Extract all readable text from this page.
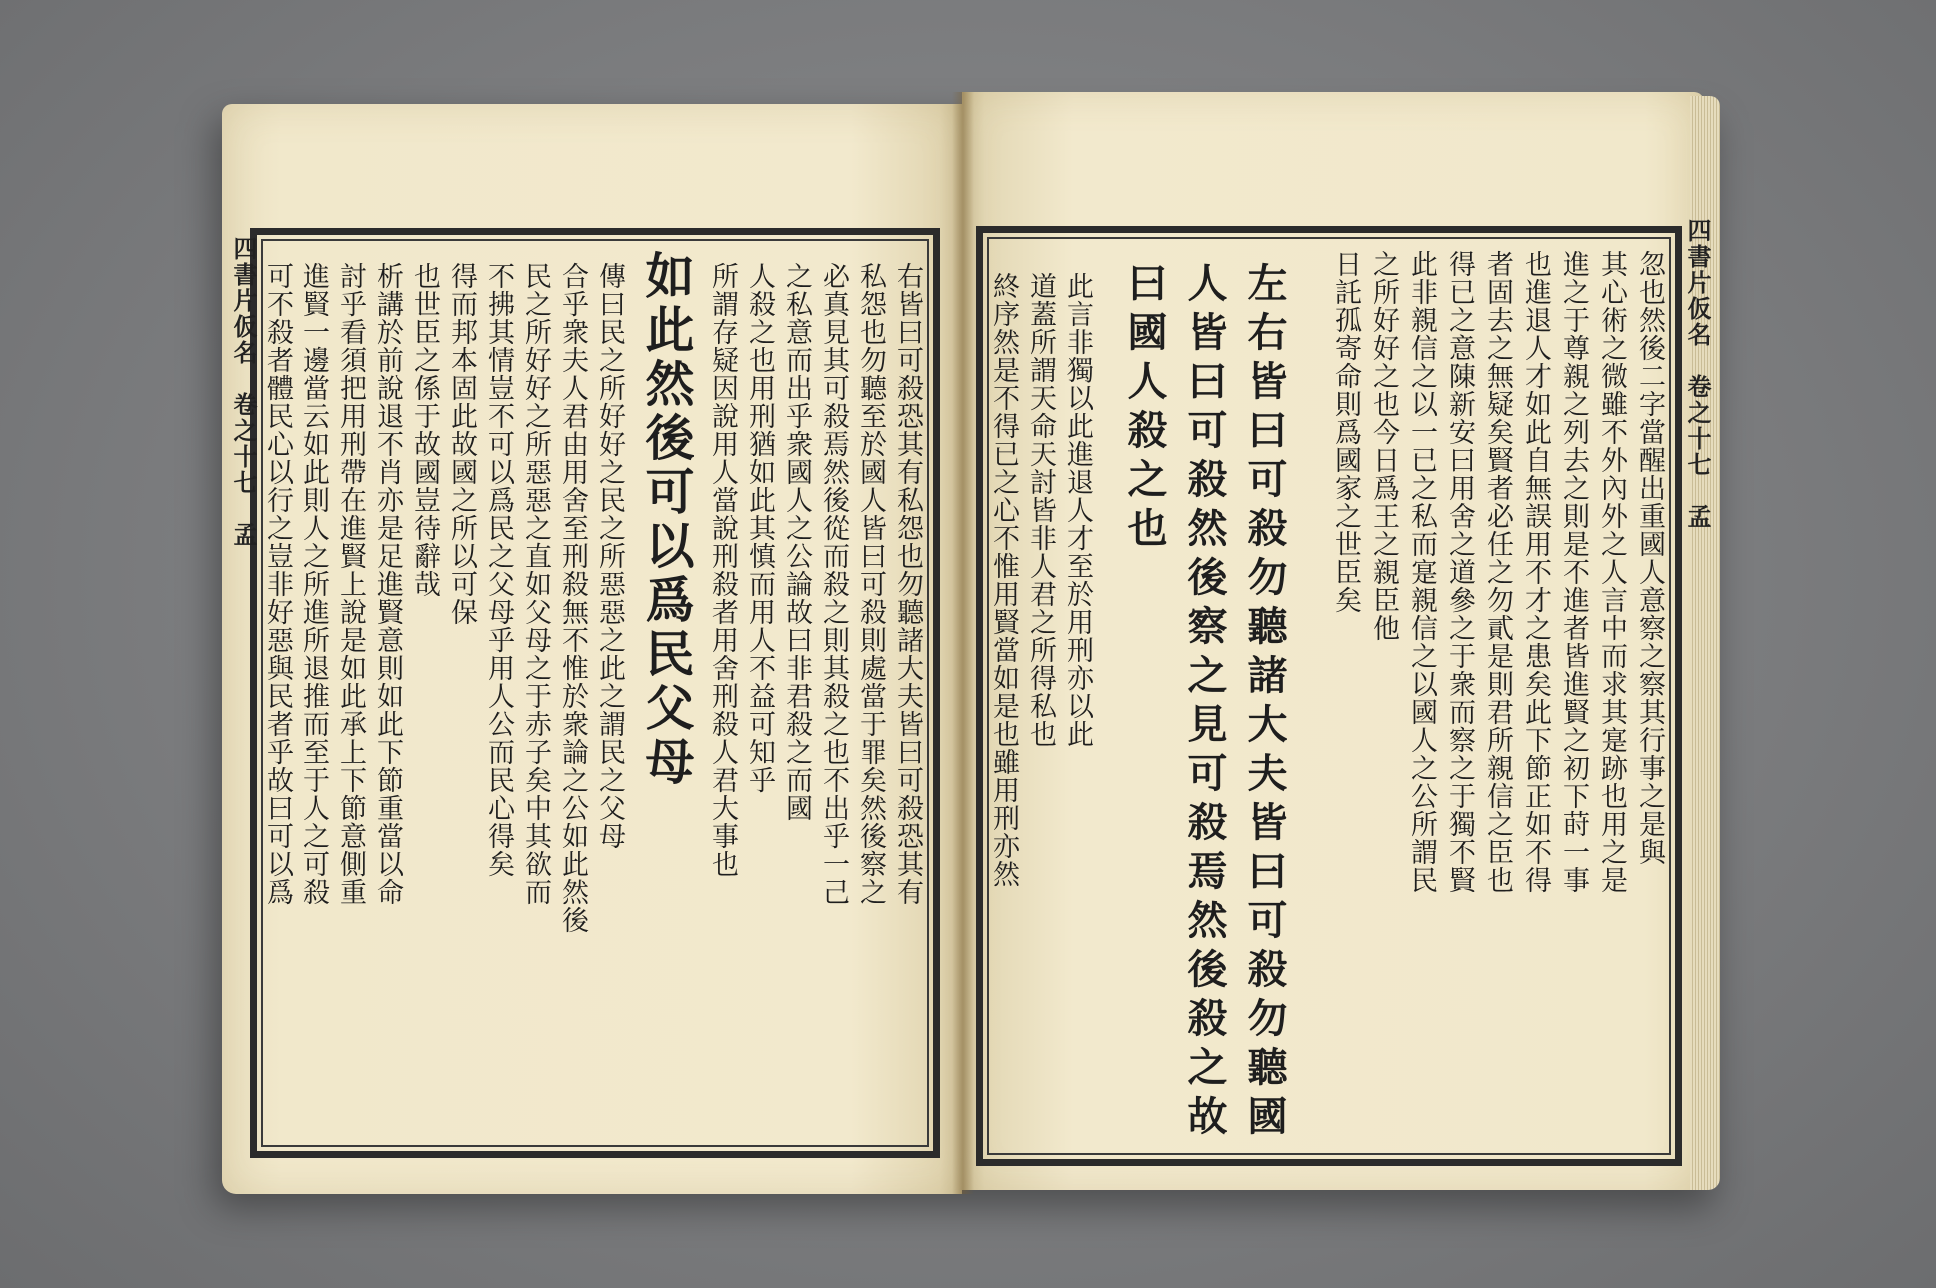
四書片仮名　卷之十七　孟	右皆曰可殺恐其有私怨也勿聽諸大夫皆曰可殺恐其有
私怨也勿聽至於國人皆曰可殺則處當于罪矣然後察之
必真見其可殺焉然後從而殺之則其殺之也不出乎一己
之私意而出乎衆國人之公論故曰非君殺之而國
人殺之也用刑猶如此其慎而用人不益可知乎
所謂存疑因說用人當說刑殺者用舍刑殺人君大事也
如此然後可以爲民父母
傳曰民之所好好之民之所惡惡之此之謂民之父母
合乎衆夫人君由用舍至刑殺無不惟於衆論之公如此然後
民之所好好之所惡惡之直如父母之于赤子矣中其欲而
不拂其情豈不可以爲民之父母乎用人公而民心得矣
得而邦本固此故國之所以可保
也世臣之係于故國豈待辭哉
析講於前說退不肖亦是足進賢意則如此下節重當以命
討乎看須把用刑帶在進賢上說是如此承上下節意側重
進賢一邊當云如此則人之所進所退推而至于人之可殺
可不殺者體民心以行之豈非好惡與民者乎故曰可以爲	四書片仮名　卷之十七　孟
忽也然後二字當醒出重國人意察之察其行事之是與
其心術之微雖不外內外之人言中而求其寔跡也用之是
進之于尊親之列去之則是不進者皆進賢之初下莳一事
也進退人才如此自無誤用不才之患矣此下節正如不得
者固去之無疑矣賢者必任之勿貳是則君所親信之臣也
得已之意陳新安曰用舍之道參之于衆而察之于獨不賢
此非親信之以一已之私而寔親信之以國人之公所謂民
之所好好之也今日爲王之親臣他
日託孤寄命則爲國家之世臣矣
左右皆曰可殺勿聽諸大夫皆曰可殺勿聽國
人皆曰可殺然後察之見可殺焉然後殺之故
曰國人殺之也
此言非獨以此進退人才至於用刑亦以此
道蓋所謂天命天討皆非人君之所得私也
終序然是不得已之心不惟用賢當如是也雖用刑亦然
